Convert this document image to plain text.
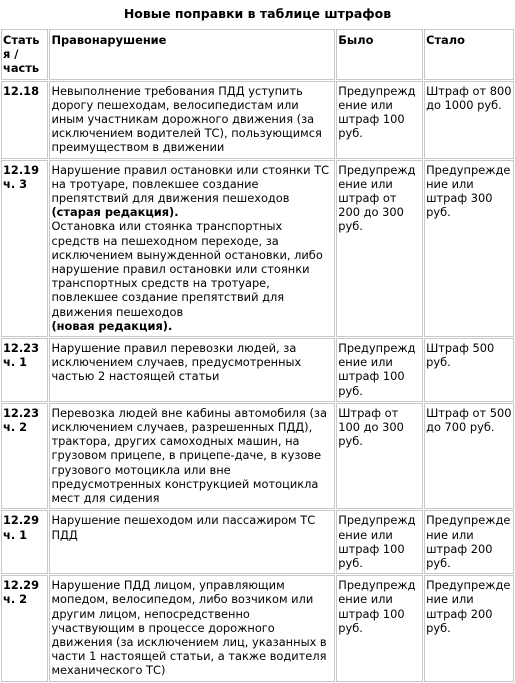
Новые поправки в таблице штрафов
Статья /часть	Правонарушение	Было	Стало

12.18	Невыполнение требования ПДД уступить дорогу пешеходам, велосипедистам или иным участникам дорожного движения (за исключением водителей ТС), пользующимся преимуществом в движении	Предупреждение или штраф 100 руб.	Штраф от 800 до 1000 руб.

12.19
ч. 3	Нарушение правил остановки или стоянки ТС на тротуаре, повлекшее создание препятствий для движения пешеходов (старая редакция).
Остановка или стоянка транспортных средств на пешеходном переходе, за исключением вынужденной остановки, либо нарушение правил остановки или стоянки транспортных средств на тротуаре, повлекшее создание препятствий для движения пешеходов
(новая редакция).	Предупреждение или штраф от 200 до 300 руб.	Предупреждение или штраф 300 руб.

12.23
ч. 1	Нарушение правил перевозки людей, за исключением случаев, предусмотренных частью 2 настоящей статьи	Предупреждение или штраф 100 руб.	Штраф 500 руб.

12.23
ч. 2	Перевозка людей вне кабины автомобиля (за исключением случаев, разрешенных ПДД), трактора, других самоходных машин, на грузовом прицепе, в прицепе-даче, в кузове грузового мотоцикла или вне предусмотренных конструкцией мотоцикла мест для сидения	Штраф от 100 до 300 руб.	Штраф от 500 до 700 руб.

12.29
ч. 1	Нарушение пешеходом или пассажиром ТС ПДД	Предупреждение или штраф 100 руб.	Предупреждение или штраф 200 руб.

12.29
ч. 2	Нарушение ПДД лицом, управляющим мопедом, велосипедом, либо возчиком или другим лицом, непосредственно участвующим в процессе дорожного движения (за исключением лиц, указанных в части 1 настоящей статьи, а также водителя механического ТС)	Предупреждение или штраф 100 руб.	Предупреждение или штраф 200 руб.
